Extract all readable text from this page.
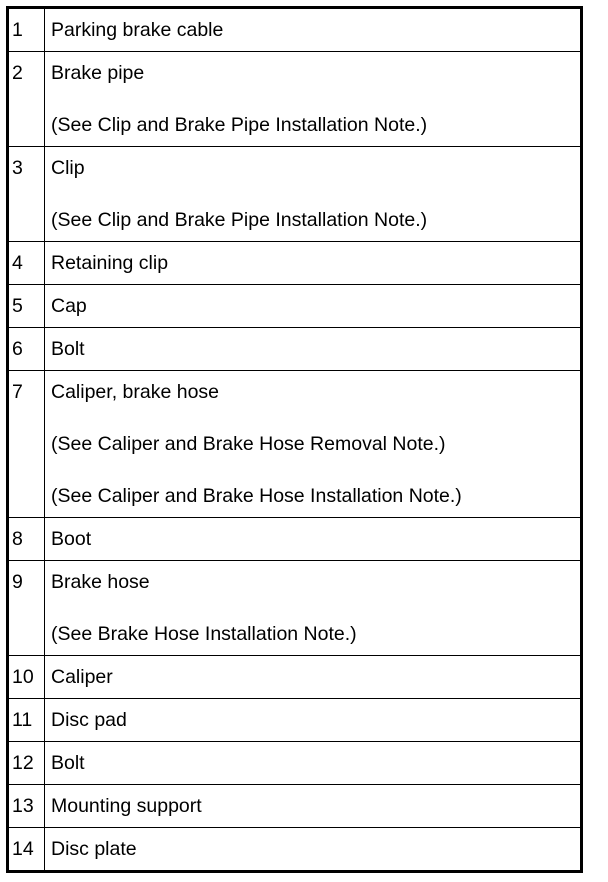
1	Parking brake cable

2	Brake pipe
(See Clip and Brake Pipe Installation Note.)

3	Clip
(See Clip and Brake Pipe Installation Note.)

4	Retaining clip

5	Cap

6	Bolt

7	Caliper, brake hose
(See Caliper and Brake Hose Removal Note.)
(See Caliper and Brake Hose Installation Note.)

8	Boot

9	Brake hose
(See Brake Hose Installation Note.)

10	Caliper

11	Disc pad

12	Bolt

13	Mounting support

14	Disc plate
